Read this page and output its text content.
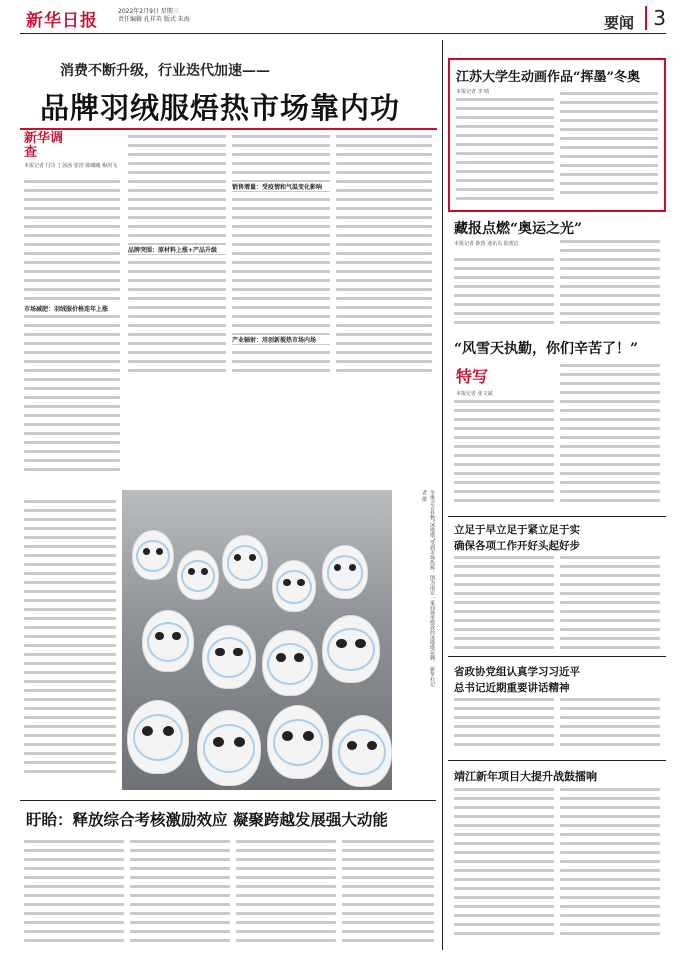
新华日报	2022年2月9日 星期三
责任编辑 孔祥英 版式 朱海	要闻 3
消费不断升级，行业迭代加速——
品牌羽绒服焐热市场靠内功
新华调查
本报记者 付奇 丁茜茜 张滢 陈曦曦 梅剑飞
市场减肥：羽绒服价格连年上涨
品牌突围：原材料上涨+产品升级
销售增量：受疫情和气温变化影响
产业辐射：用创新搅热市场内场
冬奥会吉祥物“冰墩墩”受到市场热捧。图为南京一家商场里摆放的冰墩墩玩偶。 新华社记者 摄
盱眙：释放综合考核激励效应 凝聚跨越发展强大动能
江苏大学生动画作品“挥墨”冬奥
本报记者 李 晴
藏报点燃“奥运之光”
本报记者 陈鲁 通讯员 陆蕾洁
“风雪天执勤，你们辛苦了！”
特写
本报记者 张文斌
立足于早立足于紧立足于实
确保各项工作开好头起好步
省政协党组认真学习习近平
总书记近期重要讲话精神
靖江新年项目大提升战鼓擂响
